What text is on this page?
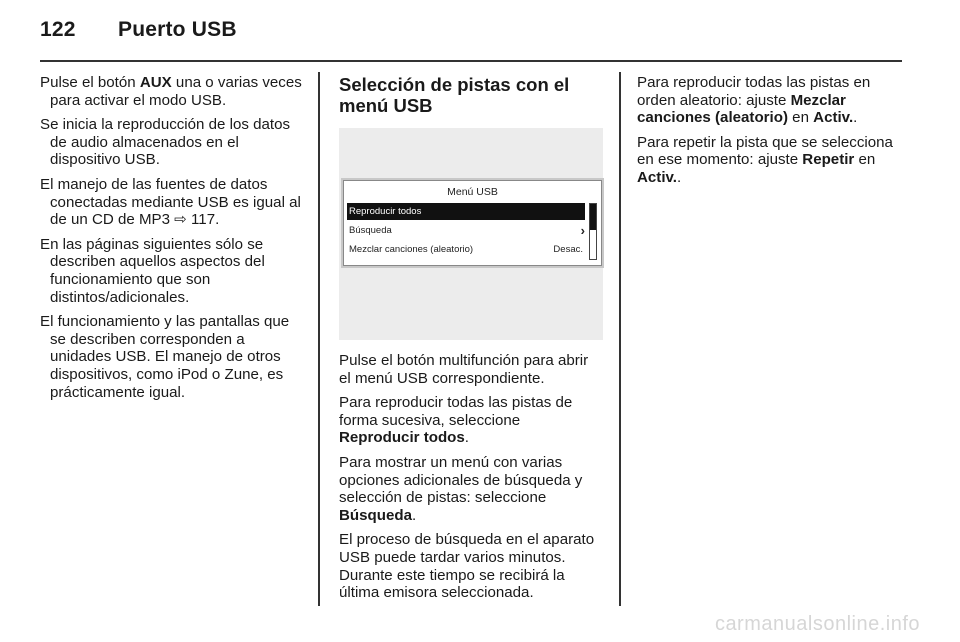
122 Puerto USB

Pulse el botón AUX una o varias veces para activar el modo USB.

Se inicia la reproducción de los datos de audio almacenados en el dispositivo USB.

El manejo de las fuentes de datos conectadas mediante USB es igual al de un CD de MP3 ⇨ 117.

En las páginas siguientes sólo se describen aquellos aspectos del funcionamiento que son distintos/adicionales.

El funcionamiento y las pantallas que se describen corresponden a unidades USB. El manejo de otros dispositivos, como iPod o Zune, es prácticamente igual.

Selección de pistas con el menú USB
Menú USB
Reproducir todos
Búsqueda	›
Mezclar canciones (aleatorio)	Desac.

Pulse el botón multifunción para abrir el menú USB correspondiente.

Para reproducir todas las pistas de forma sucesiva, seleccione Reproducir todos.

Para mostrar un menú con varias opciones adicionales de búsqueda y selección de pistas: seleccione Búsqueda.

El proceso de búsqueda en el aparato USB puede tardar varios minutos. Durante este tiempo se recibirá la última emisora seleccionada.

Para reproducir todas las pistas en orden aleatorio: ajuste Mezclar canciones (aleatorio) en Activ..

Para repetir la pista que se selecciona en ese momento: ajuste Repetir en Activ..

carmanualsonline.info
